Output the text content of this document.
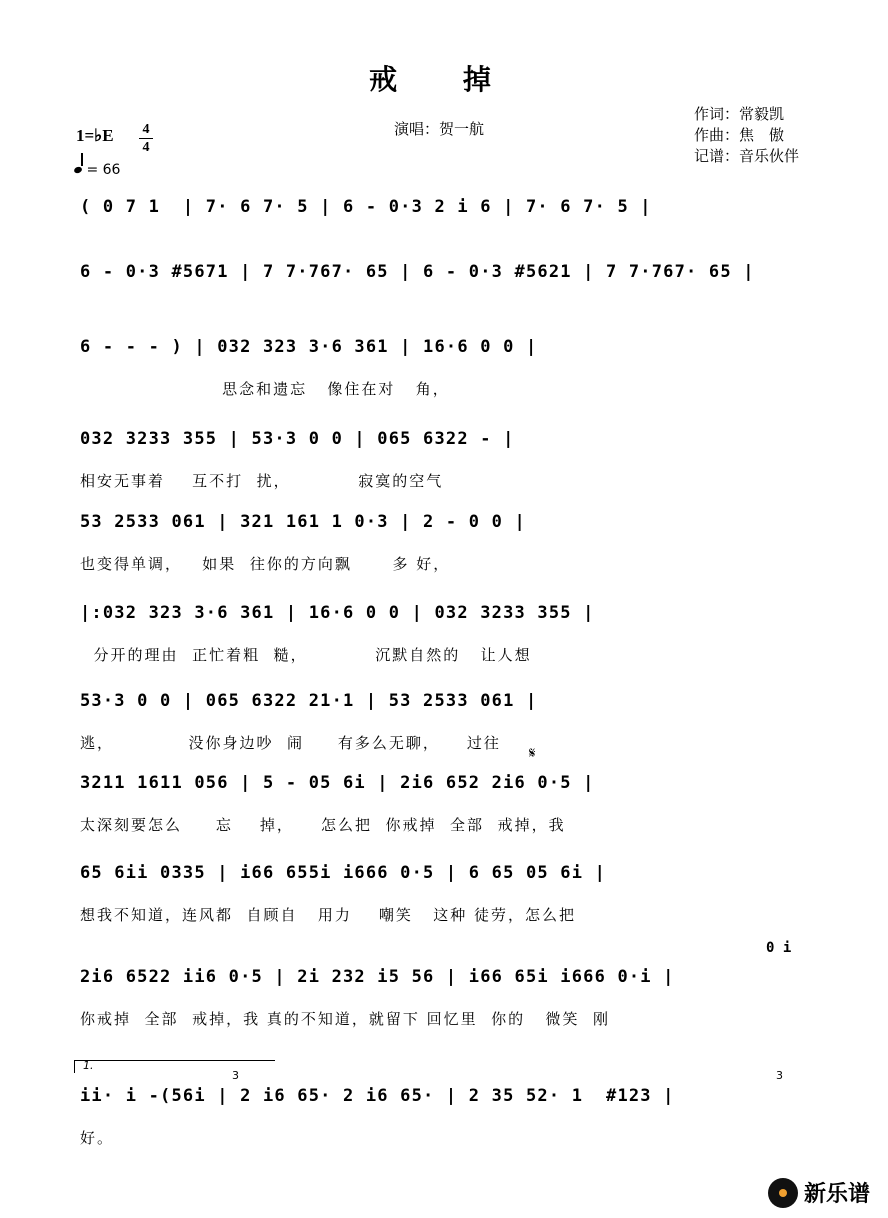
戒 掉
演唱：贺一航
作词：常毅凯
作曲：焦　傲
记谱：音乐伙伴
1=♭E 4
4
= 66
( 0 7 1  | 7· 6 7· 5 | 6 - 0·3 2 i 6 | 7· 6 7· 5 |
6 - 0·3 #5671 | 7 7·767· 65 | 6 - 0·3 #5621 | 7 7·767· 65 |
6 - - - ) | 032 323 3·6 361 | 16·6 0 0 |
思念和遗忘   像住在对   角，
032 3233 355 | 53·3 0 0 | 065 6322 - |
相安无事着    互不打  扰，          寂寞的空气
53 2533 061 | 321 161 1 0·3 | 2 - 0 0 |
也变得单调，   如果  往你的方向飘      多 好，
|:032 323 3·6 361 | 16·6 0 0 | 032 3233 355 |
分开的理由  正忙着粗  糙，          沉默自然的   让人想
53·3 0 0 | 065 6322 21·1 | 53 2533 061 |
逃，           没你身边吵  闹     有多么无聊，    过往
3211 1611 056 | 5 - 05 6i | 2i6 652 2i6 0·5 |
太深刻要怎么     忘    掉，    怎么把  你戒掉  全部  戒掉，我
65 6ii 0335 | i66 655i i666 0·5 | 6 65 05 6i |
想我不知道，连风都  自顾自   用力    嘲笑   这种 徒劳，怎么把
2i6 6522 ii6 0·5 | 2i 232 i5 56 | i66 65i i666 0·i |
你戒掉  全部  戒掉，我 真的不知道，就留下 回忆里  你的   微笑  刚
ii· i -(56i | 2 i6 65· 2 i6 65· | 2 35 52· 1  #123 |
好。
𝄋
1.
3	3
0 i
新乐谱
